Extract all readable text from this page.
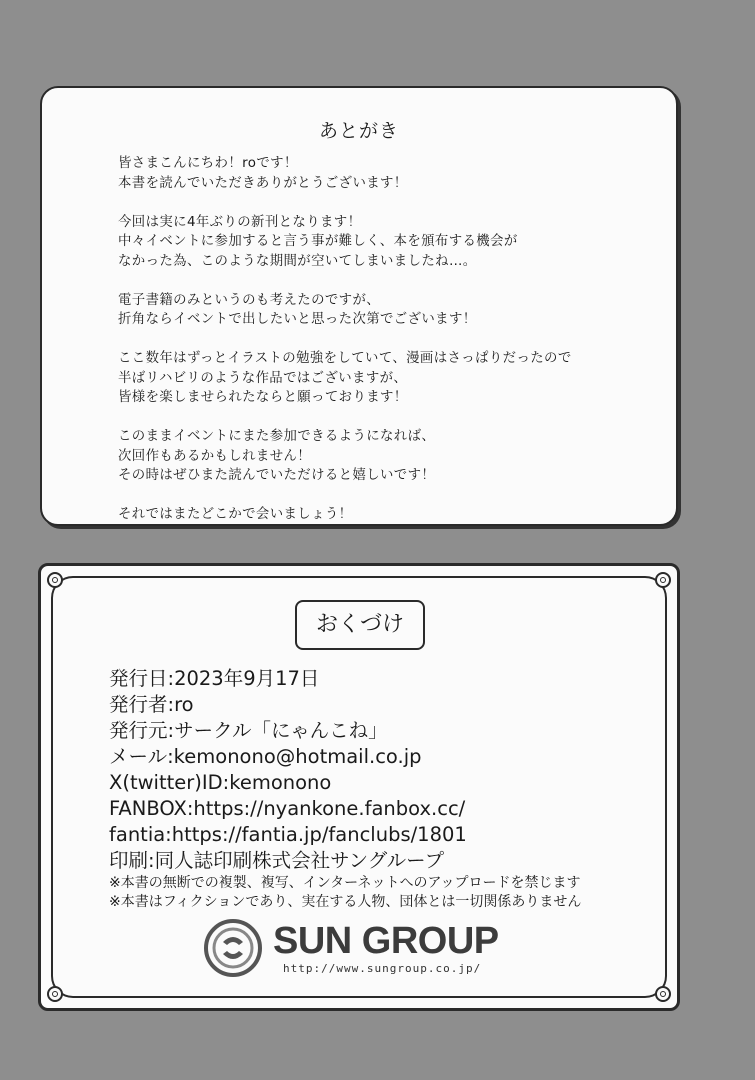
あとがき
皆さまこんにちわ！roです！
本書を読んでいただきありがとうございます！
今回は実に4年ぶりの新刊となります！
中々イベントに参加すると言う事が難しく、本を頒布する機会が
なかった為、このような期間が空いてしまいましたね…。
電子書籍のみというのも考えたのですが、
折角ならイベントで出したいと思った次第でございます！
ここ数年はずっとイラストの勉強をしていて、漫画はさっぱりだったので
半ばリハビリのような作品ではございますが、
皆様を楽しませられたならと願っております！
このままイベントにまた参加できるようになれば、
次回作もあるかもしれません！
その時はぜひまた読んでいただけると嬉しいです！
それではまたどこかで会いましょう！
おくづけ
発行日:2023年9月17日
発行者:ro
発行元:サークル「にゃんこね」
メール:kemonono@hotmail.co.jp
X(twitter)ID:kemonono
FANBOX:https://nyankone.fanbox.cc/
fantia:https://fantia.jp/fanclubs/1801
印刷:同人誌印刷株式会社サングループ
※本書の無断での複製、複写、インターネットへのアップロードを禁じます
※本書はフィクションであり、実在する人物、団体とは一切関係ありません
SUN GROUP
http://www.sungroup.co.jp/
